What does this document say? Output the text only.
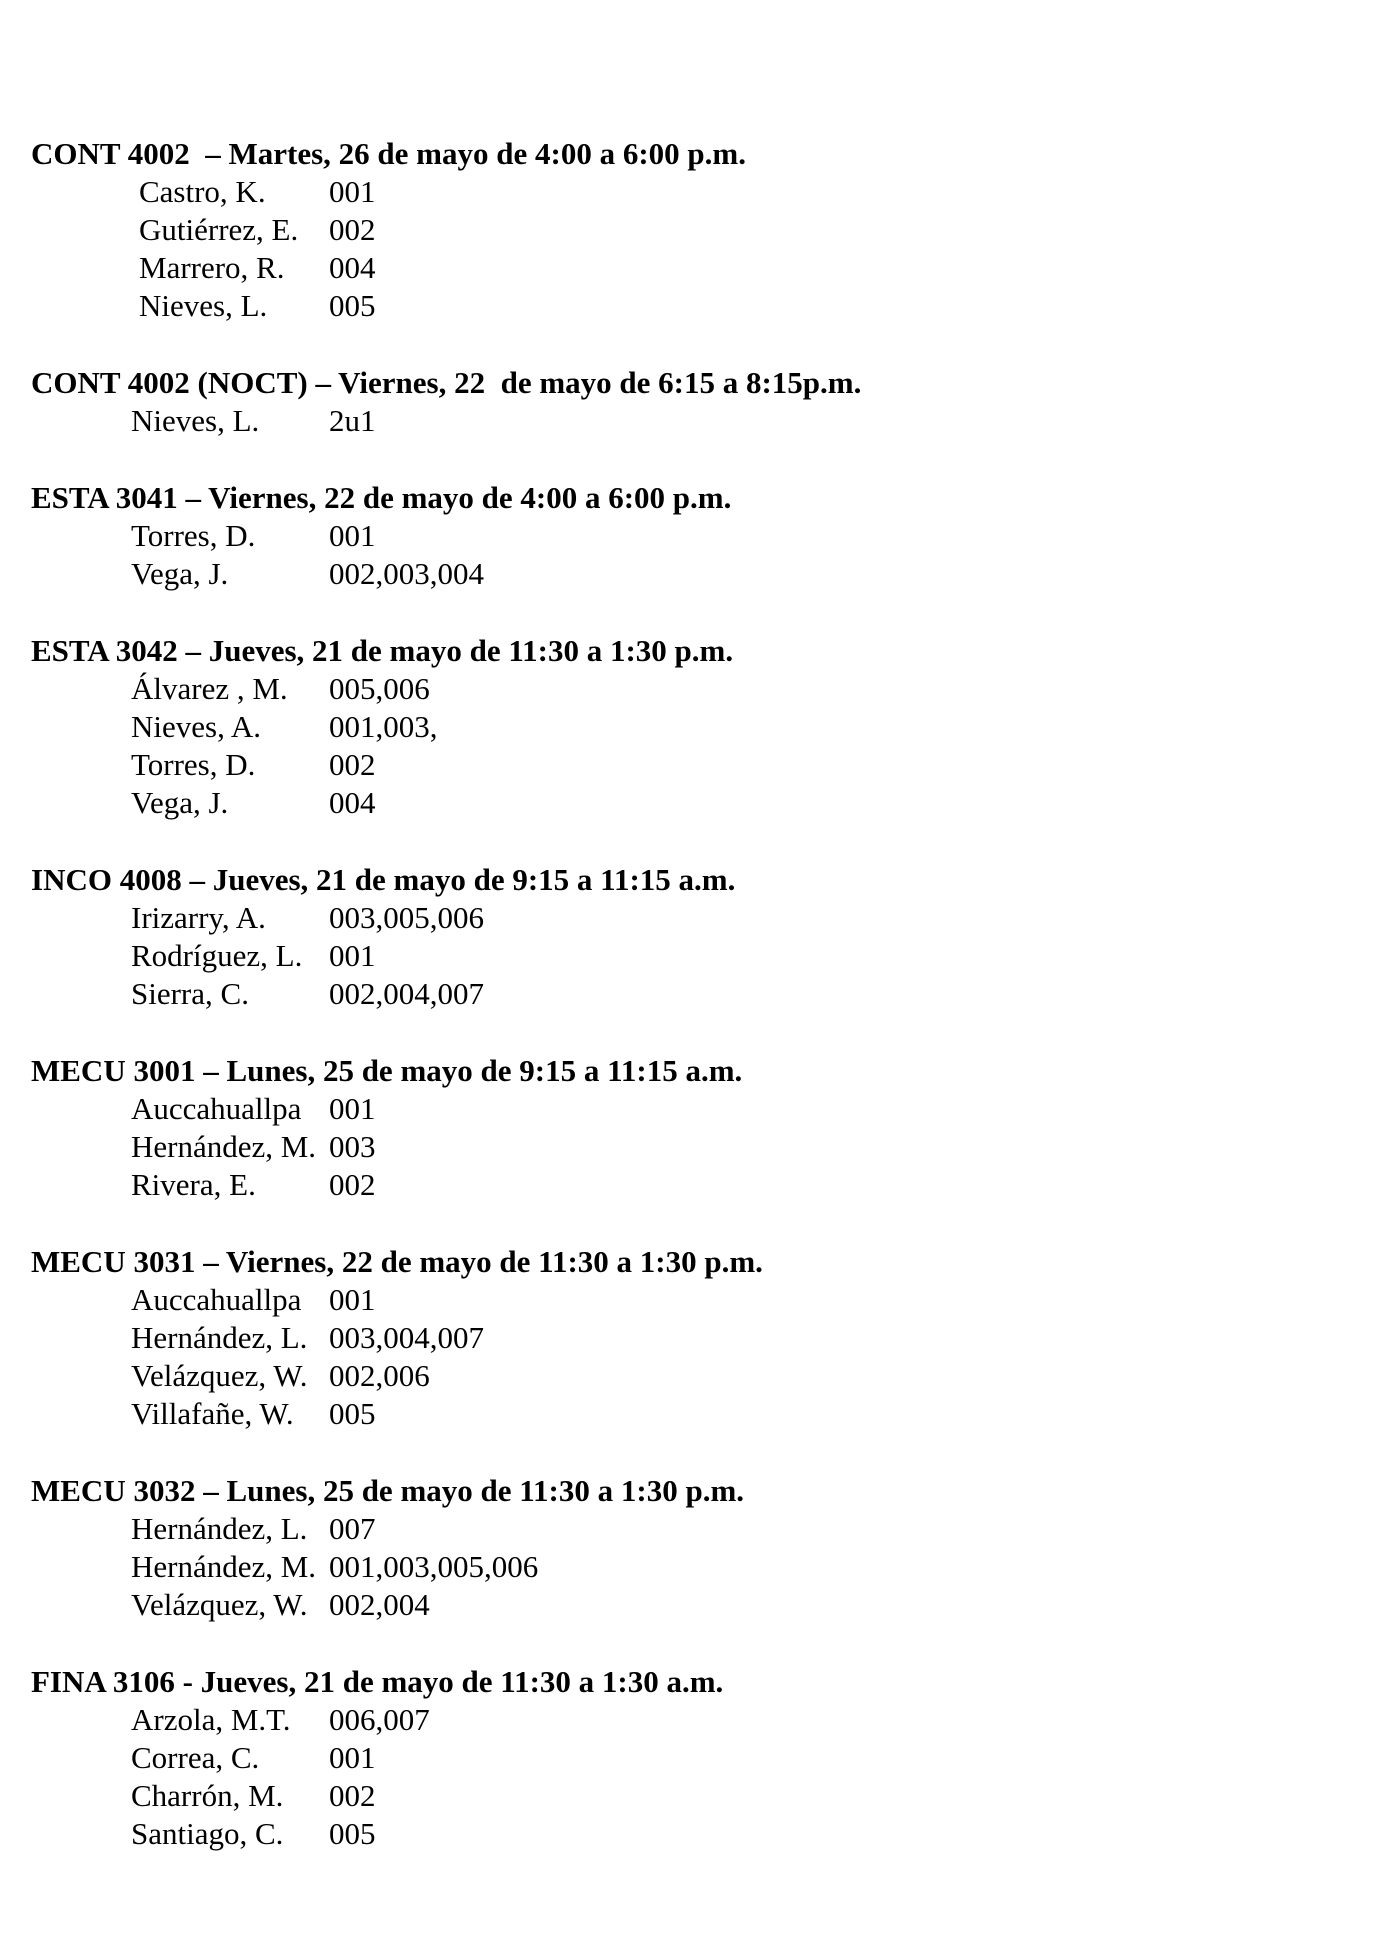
CONT 4002  – Martes, 26 de mayo de 4:00 a 6:00 p.m.
Castro, K.	001
Gutiérrez, E. 002
Marrero, R.	004
Nieves, L.	005
CONT 4002 (NOCT) – Viernes, 22  de mayo de 6:15 a 8:15p.m.
Nieves, L.	2u1
ESTA 3041 – Viernes, 22 de mayo de 4:00 a 6:00 p.m.
Torres, D.	001
Vega, J.	002,003,004
ESTA 3042 – Jueves, 21 de mayo de 11:30 a 1:30 p.m.
Álvarez , M.	005,006
Nieves, A.	001,003,
Torres, D.	002
Vega, J.	004
INCO 4008 – Jueves, 21 de mayo de 9:15 a 11:15 a.m.
Irizarry, A.	003,005,006
Rodríguez, L. 001
Sierra, C.	002,004,007
MECU 3001 – Lunes, 25 de mayo de 9:15 a 11:15 a.m.
Auccahuallpa 001
Hernández, M. 003
Rivera, E.	002
MECU 3031 – Viernes, 22 de mayo de 11:30 a 1:30 p.m.
Auccahuallpa 001
Hernández, L. 003,004,007
Velázquez, W. 002,006
Villafañe, W.	005
MECU 3032 – Lunes, 25 de mayo de 11:30 a 1:30 p.m.
Hernández, L. 007
Hernández, M. 001,003,005,006
Velázquez, W. 002,004
FINA 3106 - Jueves, 21 de mayo de 11:30 a 1:30 a.m.
Arzola, M.T.	006,007
Correa, C.	001
Charrón, M.	002
Santiago, C.	005
